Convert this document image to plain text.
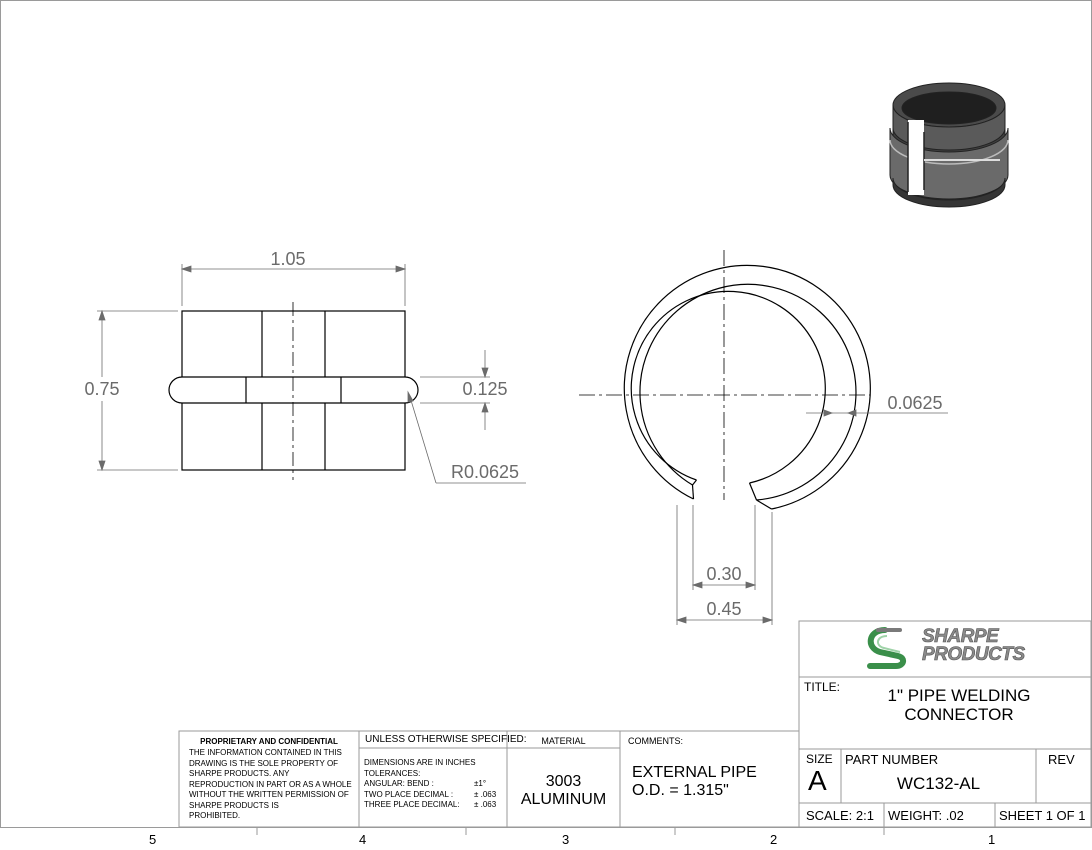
1.05
0.75	0.125
R0.0625
0.0625
0.30
0.45
SHARPE
PRODUCTS
TITLE:	1" PIPE WELDING
CONNECTOR
SIZE
A
PART NUMBER
WC132-AL
REV
SCALE: 2:1 WEIGHT: .02	SHEET 1 OF 1
PROPRIETARY AND CONFIDENTIAL
THE INFORMATION CONTAINED IN THIS
DRAWING IS THE SOLE PROPERTY OF
SHARPE PRODUCTS. ANY
REPRODUCTION IN PART OR AS A WHOLE
WITHOUT THE WRITTEN PERMISSION OF
SHARPE PRODUCTS IS
PROHIBITED.
UNLESS OTHERWISE SPECIFIED:
DIMENSIONS ARE IN INCHES
TOLERANCES:
ANGULAR: BEND :	±1°
TWO PLACE DECIMAL :	± .063
THREE PLACE DECIMAL: ± .063
MATERIAL
3003
ALUMINUM
COMMENTS:
EXTERNAL PIPE
O.D. = 1.315"
5	4	3	2	1
